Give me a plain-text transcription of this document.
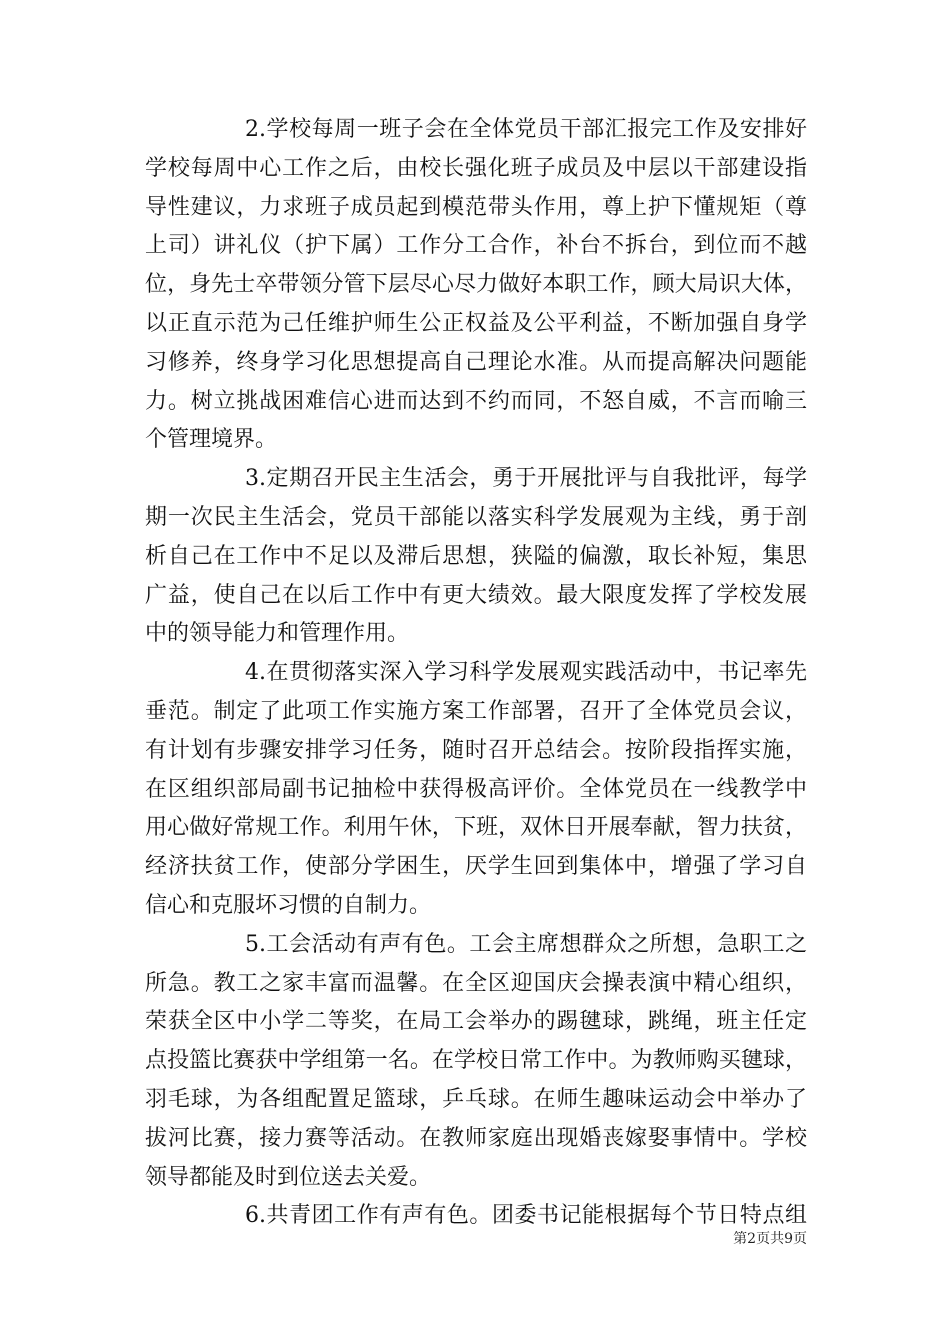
2.学校每周一班子会在全体党员干部汇报完工作及安排好
学校每周中心工作之后，由校长强化班子成员及中层以干部建设指
导性建议，力求班子成员起到模范带头作用，尊上护下懂规矩（尊
上司）讲礼仪（护下属）工作分工合作，补台不拆台，到位而不越
位，身先士卒带领分管下层尽心尽力做好本职工作，顾大局识大体，
以正直示范为己任维护师生公正权益及公平利益，不断加强自身学
习修养，终身学习化思想提高自己理论水准。从而提高解决问题能
力。树立挑战困难信心进而达到不约而同，不怒自威，不言而喻三
个管理境界。
3.定期召开民主生活会，勇于开展批评与自我批评，每学
期一次民主生活会，党员干部能以落实科学发展观为主线，勇于剖
析自己在工作中不足以及滞后思想，狭隘的偏激，取长补短，集思
广益，使自己在以后工作中有更大绩效。最大限度发挥了学校发展
中的领导能力和管理作用。
4.在贯彻落实深入学习科学发展观实践活动中，书记率先
垂范。制定了此项工作实施方案工作部署，召开了全体党员会议，
有计划有步骤安排学习任务，随时召开总结会。按阶段指挥实施，
在区组织部局副书记抽检中获得极高评价。全体党员在一线教学中
用心做好常规工作。利用午休，下班，双休日开展奉献，智力扶贫，
经济扶贫工作，使部分学困生，厌学生回到集体中，增强了学习自
信心和克服坏习惯的自制力。
5.工会活动有声有色。工会主席想群众之所想，急职工之
所急。教工之家丰富而温馨。在全区迎国庆会操表演中精心组织，
荣获全区中小学二等奖，在局工会举办的踢毽球，跳绳，班主任定
点投篮比赛获中学组第一名。在学校日常工作中。为教师购买毽球，
羽毛球，为各组配置足篮球，乒乓球。在师生趣味运动会中举办了
拔河比赛，接力赛等活动。在教师家庭出现婚丧嫁娶事情中。学校
领导都能及时到位送去关爱。
6.共青团工作有声有色。团委书记能根据每个节日特点组
第2页共9页
